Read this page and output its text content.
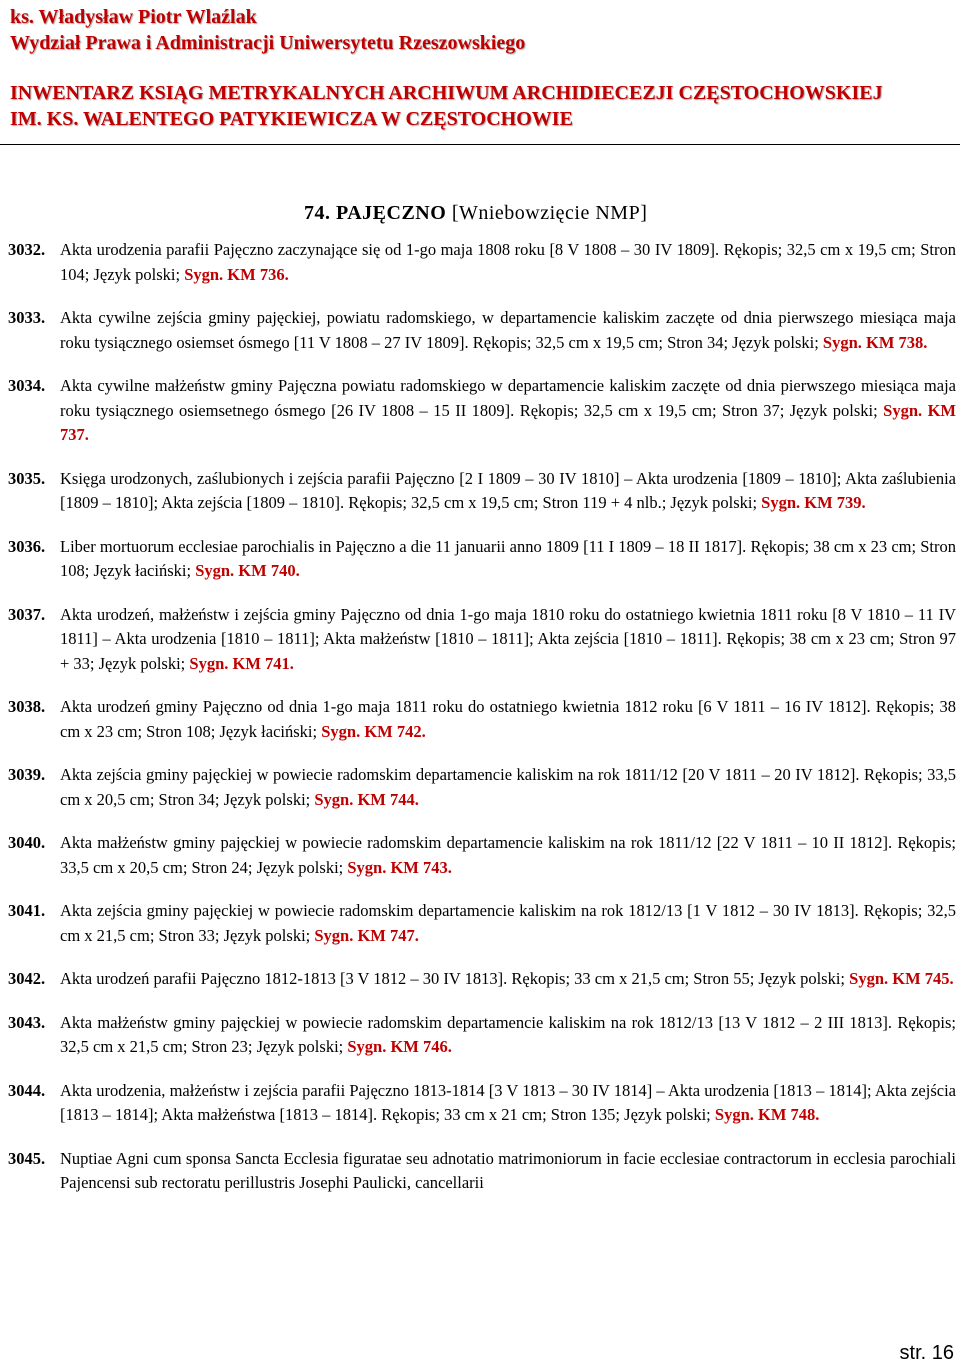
ks. Władysław Piotr Wlaźlak
Wydział Prawa i Administracji Uniwersytetu Rzeszowskiego
INWENTARZ KSIĄG METRYKALNYCH ARCHIWUM ARCHIDIECEZJI CZĘSTOCHOWSKIEJ
IM. KS. WALENTEGO PATYKIEWICZA W CZĘSTOCHOWIE
74. PAJĘCZNO [Wniebowzięcie NMP]
3032. Akta urodzenia parafii Pajęczno zaczynające się od 1-go maja 1808 roku [8 V 1808 – 30 IV 1809]. Rękopis; 32,5 cm x 19,5 cm; Stron 104; Język polski; Sygn. KM 736.
3033. Akta cywilne zejścia gminy pajęckiej, powiatu radomskiego, w departamencie kaliskim zaczęte od dnia pierwszego miesiąca maja roku tysiącznego osiemset ósmego [11 V 1808 – 27 IV 1809]. Rękopis; 32,5 cm x 19,5 cm; Stron 34; Język polski; Sygn. KM 738.
3034. Akta cywilne małżeństw gminy Pajęczna powiatu radomskiego w departamencie kaliskim zaczęte od dnia pierwszego miesiąca maja roku tysiącznego osiemsetnego ósmego [26 IV 1808 – 15 II 1809]. Rękopis; 32,5 cm x 19,5 cm; Stron 37; Język polski; Sygn. KM 737.
3035. Księga urodzonych, zaślubionych i zejścia parafii Pajęczno [2 I 1809 – 30 IV 1810] – Akta urodzenia [1809 – 1810]; Akta zaślubienia [1809 – 1810]; Akta zejścia [1809 – 1810]. Rękopis; 32,5 cm x 19,5 cm; Stron 119 + 4 nlb.; Język polski; Sygn. KM 739.
3036. Liber mortuorum ecclesiae parochialis in Pajęczno a die 11 januarii anno 1809 [11 I 1809 – 18 II 1817]. Rękopis; 38 cm x 23 cm; Stron 108; Język łaciński; Sygn. KM 740.
3037. Akta urodzeń, małżeństw i zejścia gminy Pajęczno od dnia 1-go maja 1810 roku do ostatniego kwietnia 1811 roku [8 V 1810 – 11 IV 1811] – Akta urodzenia [1810 – 1811]; Akta małżeństw [1810 – 1811]; Akta zejścia [1810 – 1811]. Rękopis; 38 cm x 23 cm; Stron 97 + 33; Język polski; Sygn. KM 741.
3038. Akta urodzeń gminy Pajęczno od dnia 1-go maja 1811 roku do ostatniego kwietnia 1812 roku [6 V 1811 – 16 IV 1812]. Rękopis; 38 cm x 23 cm; Stron 108; Język łaciński; Sygn. KM 742.
3039. Akta zejścia gminy pajęckiej w powiecie radomskim departamencie kaliskim na rok 1811/12 [20 V 1811 – 20 IV 1812]. Rękopis; 33,5 cm x 20,5 cm; Stron 34; Język polski; Sygn. KM 744.
3040. Akta małżeństw gminy pajęckiej w powiecie radomskim departamencie kaliskim na rok 1811/12 [22 V 1811 – 10 II 1812]. Rękopis; 33,5 cm x 20,5 cm; Stron 24; Język polski; Sygn. KM 743.
3041. Akta zejścia gminy pajęckiej w powiecie radomskim departamencie kaliskim na rok 1812/13 [1 V 1812 – 30 IV 1813]. Rękopis; 32,5 cm x 21,5 cm; Stron 33; Język polski; Sygn. KM 747.
3042. Akta urodzeń parafii Pajęczno 1812-1813 [3 V 1812 – 30 IV 1813]. Rękopis; 33 cm x 21,5 cm; Stron 55; Język polski; Sygn. KM 745.
3043. Akta małżeństw gminy pajęckiej w powiecie radomskim departamencie kaliskim na rok 1812/13 [13 V 1812 – 2 III 1813]. Rękopis; 32,5 cm x 21,5 cm; Stron 23; Język polski; Sygn. KM 746.
3044. Akta urodzenia, małżeństw i zejścia parafii Pajęczno 1813-1814 [3 V 1813 – 30 IV 1814] – Akta urodzenia [1813 – 1814]; Akta zejścia [1813 – 1814]; Akta małżeństwa [1813 – 1814]. Rękopis; 33 cm x 21 cm; Stron 135; Język polski; Sygn. KM 748.
3045. Nuptiae Agni cum sponsa Sancta Ecclesia figuratae seu adnotatio matrimoniorum in facie ecclesiae contractorum in ecclesia parochiali Pajencensi sub rectoratu perillustris Josephi Paulicki, cancellarii
str. 16
